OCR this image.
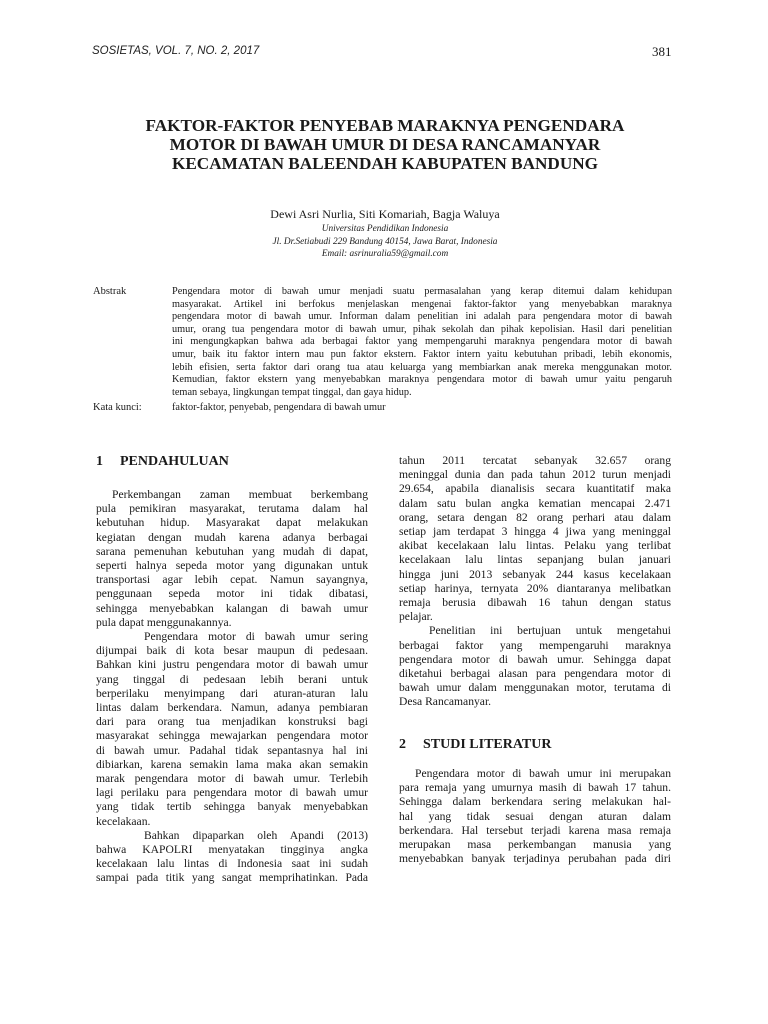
SOSIETAS, VOL. 7, NO. 2, 2017	381
FAKTOR-FAKTOR PENYEBAB MARAKNYA PENGENDARA
MOTOR DI BAWAH UMUR DI DESA RANCAMANYAR
KECAMATAN BALEENDAH KABUPATEN BANDUNG
Dewi Asri Nurlia, Siti Komariah, Bagja Waluya
Universitas Pendidikan Indonesia
Jl. Dr.Setiabudi 229 Bandung 40154, Jawa Barat, Indonesia
Email: asrinuralia59@gmail.com
Abstrak	Pengendara motor di bawah umur menjadi suatu permasalahan yang kerap ditemui dalam kehidupan
masyarakat. Artikel ini berfokus menjelaskan mengenai faktor-faktor yang menyebabkan maraknya
pengendara motor di bawah umur. Informan dalam penelitian ini adalah para pengendara motor di bawah
umur, orang tua pengendara motor di bawah umur, pihak sekolah dan pihak kepolisian. Hasil dari penelitian
ini mengungkapkan bahwa ada berbagai faktor yang mempengaruhi maraknya pengendara motor di bawah
umur, baik itu faktor intern mau pun faktor ekstern. Faktor intern yaitu kebutuhan pribadi, lebih ekonomis,
lebih efisien, serta faktor dari orang tua atau keluarga yang membiarkan anak mereka menggunakan motor.
Kemudian, faktor ekstern yang menyebabkan maraknya pengendara motor di bawah umur yaitu pengaruh
teman sebaya, lingkungan tempat tinggal, dan gaya hidup.
Kata kunci:	faktor-faktor, penyebab, pengendara di bawah umur
1 PENDAHULUAN
Perkembangan zaman membuat berkembang
pula pemikiran masyarakat, terutama dalam hal
kebutuhan hidup. Masyarakat dapat melakukan
kegiatan dengan mudah karena adanya berbagai
sarana pemenuhan kebutuhan yang mudah di dapat,
seperti halnya sepeda motor yang digunakan untuk
transportasi agar lebih cepat. Namun sayangnya,
penggunaan sepeda motor ini tidak dibatasi,
sehingga menyebabkan kalangan di bawah umur
pula dapat menggunakannya.
Pengendara motor di bawah umur sering
dijumpai baik di kota besar maupun di pedesaan.
Bahkan kini justru pengendara motor di bawah umur
yang tinggal di pedesaan lebih berani untuk
berperilaku menyimpang dari aturan-aturan lalu
lintas dalam berkendara. Namun, adanya pembiaran
dari para orang tua menjadikan konstruksi bagi
masyarakat sehingga mewajarkan pengendara motor
di bawah umur. Padahal tidak sepantasnya hal ini
dibiarkan, karena semakin lama maka akan semakin
marak pengendara motor di bawah umur. Terlebih
lagi perilaku para pengendara motor di bawah umur
yang tidak tertib sehingga banyak menyebabkan
kecelakaan.
Bahkan dipaparkan oleh Apandi (2013)
bahwa KAPOLRI menyatakan tingginya angka
kecelakaan lalu lintas di Indonesia saat ini sudah
sampai pada titik yang sangat memprihatinkan. Pada
tahun 2011 tercatat sebanyak 32.657 orang
meninggal dunia dan pada tahun 2012 turun menjadi
29.654, apabila dianalisis secara kuantitatif maka
dalam satu bulan angka kematian mencapai 2.471
orang, setara dengan 82 orang perhari atau dalam
setiap jam terdapat 3 hingga 4 jiwa yang meninggal
akibat kecelakaan lalu lintas. Pelaku yang terlibat
kecelakaan lalu lintas sepanjang bulan januari
hingga juni 2013 sebanyak 244 kasus kecelakaan
setiap harinya, ternyata 20% diantaranya melibatkan
remaja berusia dibawah 16 tahun dengan status
pelajar.
Penelitian ini bertujuan untuk mengetahui
berbagai faktor yang mempengaruhi maraknya
pengendara motor di bawah umur. Sehingga dapat
diketahui berbagai alasan para pengendara motor di
bawah umur dalam menggunakan motor, terutama di
Desa Rancamanyar.
2 STUDI LITERATUR
Pengendara motor di bawah umur ini merupakan
para remaja yang umurnya masih di bawah 17 tahun.
Sehingga dalam berkendara sering melakukan hal-
hal yang tidak sesuai dengan aturan dalam
berkendara. Hal tersebut terjadi karena masa remaja
merupakan masa perkembangan manusia yang
menyebabkan banyak terjadinya perubahan pada diri
